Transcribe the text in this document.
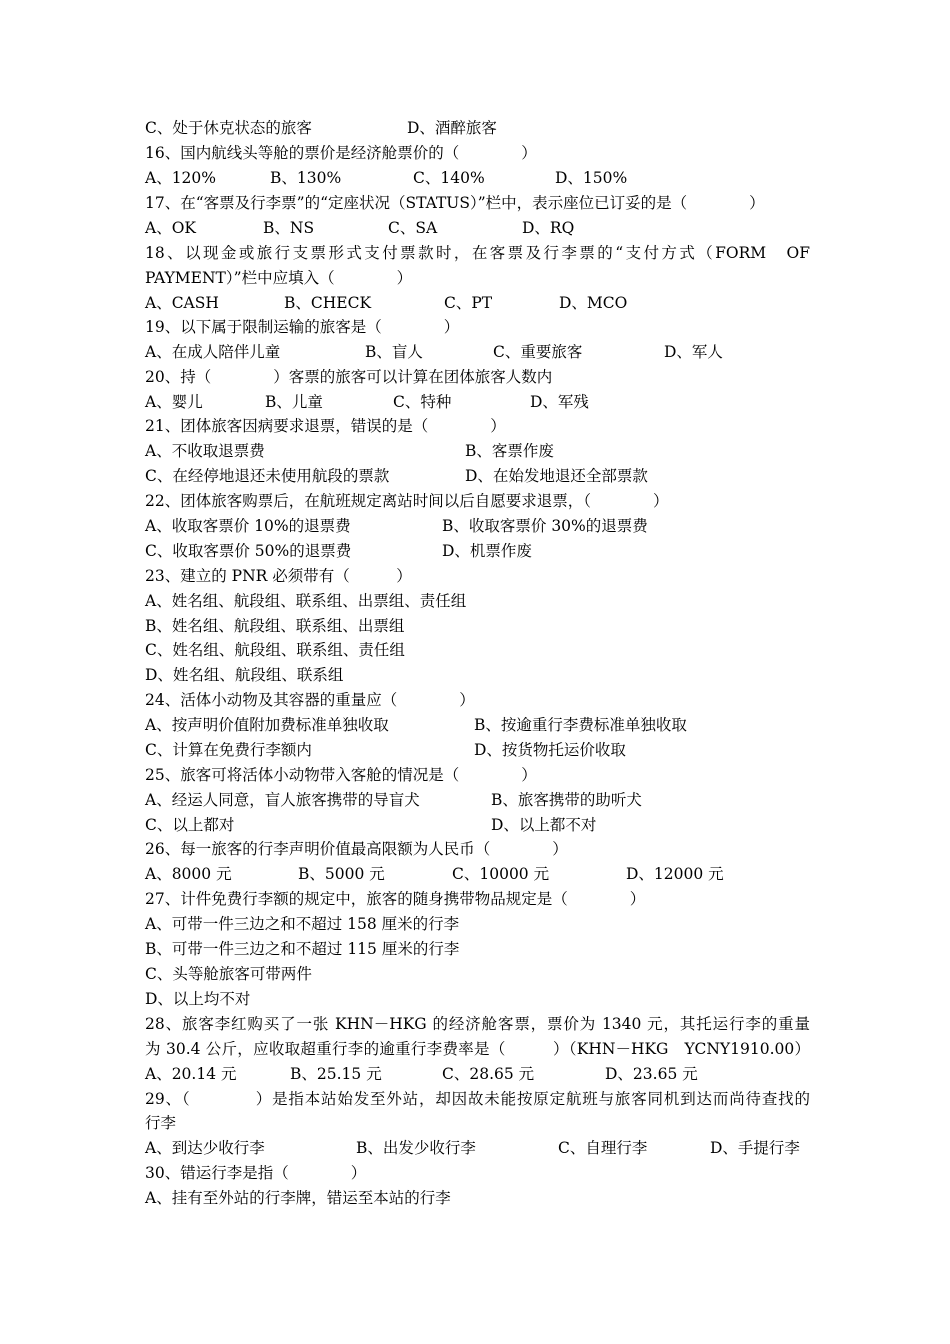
C、处于休克状态的旅客	D、酒醉旅客
16、国内航线头等舱的票价是经济舱票价的（　　　　）
A、120%	B、130%	C、140%	D、150%
17、在“客票及行李票”的“定座状况（STATUS）”栏中，表示座位已订妥的是（　　　　）
A、OK	B、NS	C、SA	D、RQ
18、以现金或旅行支票形式支付票款时，在客票及行李票的“支付方式（FORM　OF
PAYMENT）”栏中应填入（　　　　）
A、CASH	B、CHECK	C、PT	D、MCO
19、以下属于限制运输的旅客是（　　　　）
A、在成人陪伴儿童	B、盲人	C、重要旅客	D、军人
20、持（　　　　）客票的旅客可以计算在团体旅客人数内
A、婴儿	B、儿童	C、特种	D、军残
21、团体旅客因病要求退票，错误的是（　　　　）
A、不收取退票费	B、客票作废
C、在经停地退还未使用航段的票款	D、在始发地退还全部票款
22、团体旅客购票后，在航班规定离站时间以后自愿要求退票，（　　　　）
A、收取客票价 10%的退票费	B、收取客票价 30%的退票费
C、收取客票价 50%的退票费	D、机票作废
23、建立的 PNR 必须带有（　　　）
A、姓名组、航段组、联系组、出票组、责任组
B、姓名组、航段组、联系组、出票组
C、姓名组、航段组、联系组、责任组
D、姓名组、航段组、联系组
24、活体小动物及其容器的重量应（　　　　）
A、按声明价值附加费标准单独收取	B、按逾重行李费标准单独收取
C、计算在免费行李额内	D、按货物托运价收取
25、旅客可将活体小动物带入客舱的情况是（　　　　）
A、经运人同意，盲人旅客携带的导盲犬	B、旅客携带的助听犬
C、以上都对	D、以上都不对
26、每一旅客的行李声明价值最高限额为人民币（　　　　）
A、8000 元	B、5000 元	C、10000 元	D、12000 元
27、计件免费行李额的规定中，旅客的随身携带物品规定是（　　　　）
A、可带一件三边之和不超过 158 厘米的行李
B、可带一件三边之和不超过 115 厘米的行李
C、头等舱旅客可带两件
D、以上均不对
28、旅客李红购买了一张 KHN－HKG 的经济舱客票，票价为 1340 元，其托运行李的重量
为 30.4 公斤，应收取超重行李的逾重行李费率是（　　　）（KHN－HKG　YCNY1910.00）
A、20.14 元	B、25.15 元	C、28.65 元	D、23.65 元
29、（　　　　）是指本站始发至外站，却因故未能按原定航班与旅客同机到达而尚待查找的
行李
A、到达少收行李	B、出发少收行李	C、自理行李	D、手提行李
30、错运行李是指（　　　　）
A、挂有至外站的行李牌，错运至本站的行李
